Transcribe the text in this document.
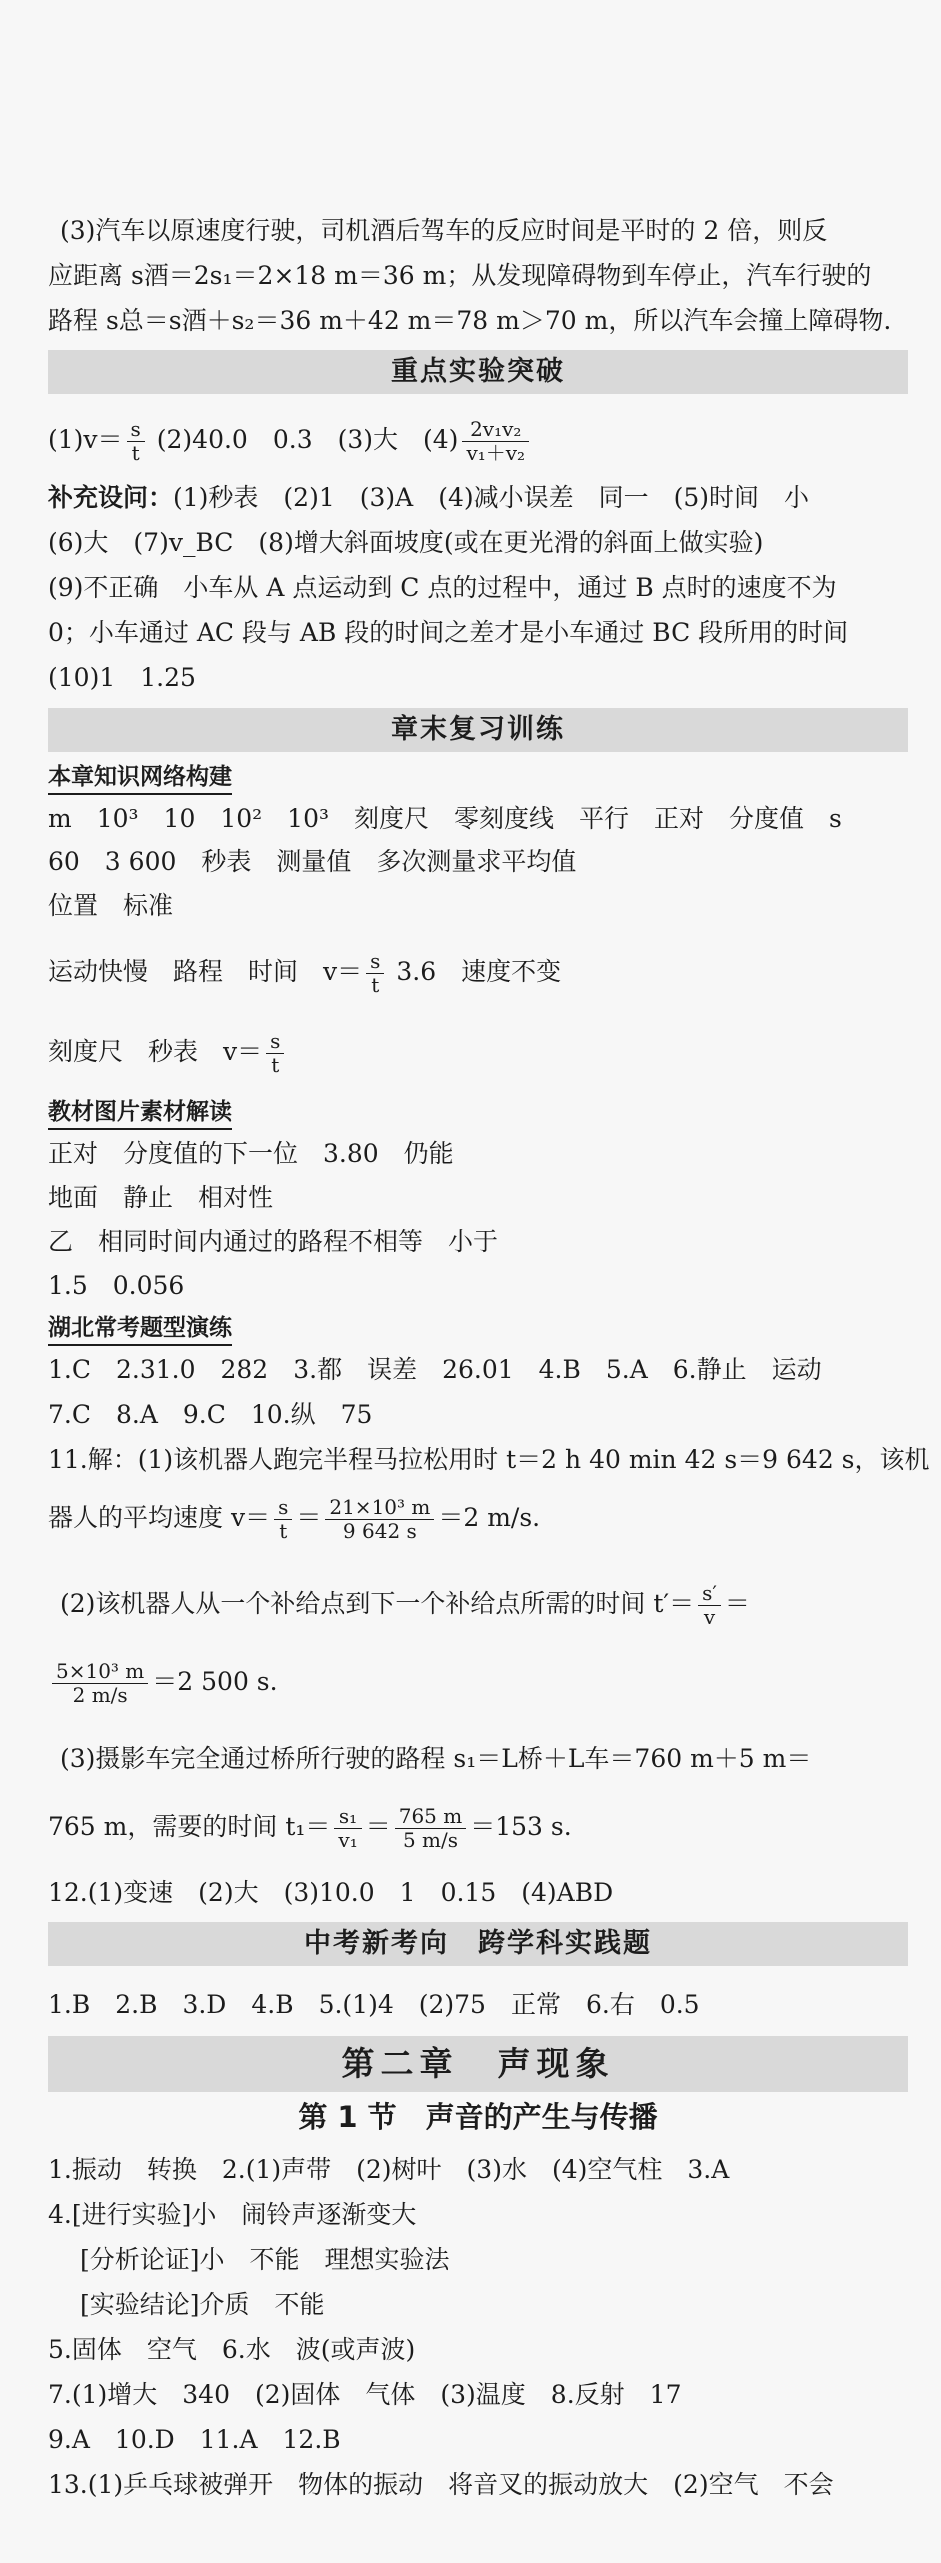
(3)汽车以原速度行驶，司机酒后驾车的反应时间是平时的 2 倍，则反
应距离 s酒＝2s₁＝2×18 m＝36 m；从发现障碍物到车停止，汽车行驶的
路程 s总＝s酒＋s₂＝36 m＋42 m＝78 m＞70 m，所以汽车会撞上障碍物.
重点实验突破
$(1)v= \frac{s}{t} (2)40.0$　0.3　(3)大　$(4) \frac{\text{2v₁v₂}}{\text{v₁＋v₂}}$
补充设问：(1)秒表　(2)1　(3)A　(4)减小误差　同一　(5)时间　小
(6)大　(7)v_BC　(8)增大斜面坡度(或在更光滑的斜面上做实验)
(9)不正确　小车从 A 点运动到 C 点的过程中，通过 B 点时的速度不为
0；小车通过 AC 段与 AB 段的时间之差才是小车通过 BC 段所用的时间
(10)1　1.25
章末复习训练
本章知识网络构建
m　10³　10　10²　10³　刻度尺　零刻度线　平行　正对　分度值　s
60　3 600　秒表　测量值　多次测量求平均值
位置　标准
运动快慢　路程　时间　$v= \frac{s}{t} 3.6$　速度不变
刻度尺　秒表　$v= \frac{s}{t}$
教材图片素材解读
正对　分度值的下一位　3.80　仍能
地面　静止　相对性
乙　相同时间内通过的路程不相等　小于
1.5　0.056
湖北常考题型演练
1.C　2.31.0　282　3.都　误差　26.01　4.B　5.A　6.静止　运动
7.C　8.A　9.C　10.纵　75
11.解：(1)该机器人跑完半程马拉松用时 t＝2 h 40 min 42 s＝9 642 s，该机
器人的平均速度 $v= \frac{s}{t} = \frac{\text{21×10³ m}}{9 642 s} =2$ m/s.
(2)该机器人从一个补给点到下一个补给点所需的时间 $t'= \frac{s'}{v}$ ＝
$\frac{\text{5×10³ m}}{2 m/s} =2$ 500 s.
(3)摄影车完全通过桥所行驶的路程 s₁＝L桥＋L车＝760 m＋5 m＝
765 m，需要的时间 $t_1= \frac{\text{s₁}}{\text{v₁}} = \frac{765 m}{5 m/s} =153$ s.
12.(1)变速　(2)大　(3)10.0　1　0.15　(4)ABD
中考新考向　跨学科实践题
1.B　2.B　3.D　4.B　5.(1)4　(2)75　正常　6.右　0.5
第二章　声现象
第 1 节　声音的产生与传播
1.振动　转换　2.(1)声带　(2)树叶　(3)水　(4)空气柱　3.A
4.[进行实验]小　闹铃声逐渐变大
[分析论证]小　不能　理想实验法
[实验结论]介质　不能
5.固体　空气　6.水　波(或声波)
7.(1)增大　340　(2)固体　气体　(3)温度　8.反射　17
9.A　10.D　11.A　12.B
13.(1)乒乓球被弹开　物体的振动　将音叉的振动放大　(2)空气　不会
